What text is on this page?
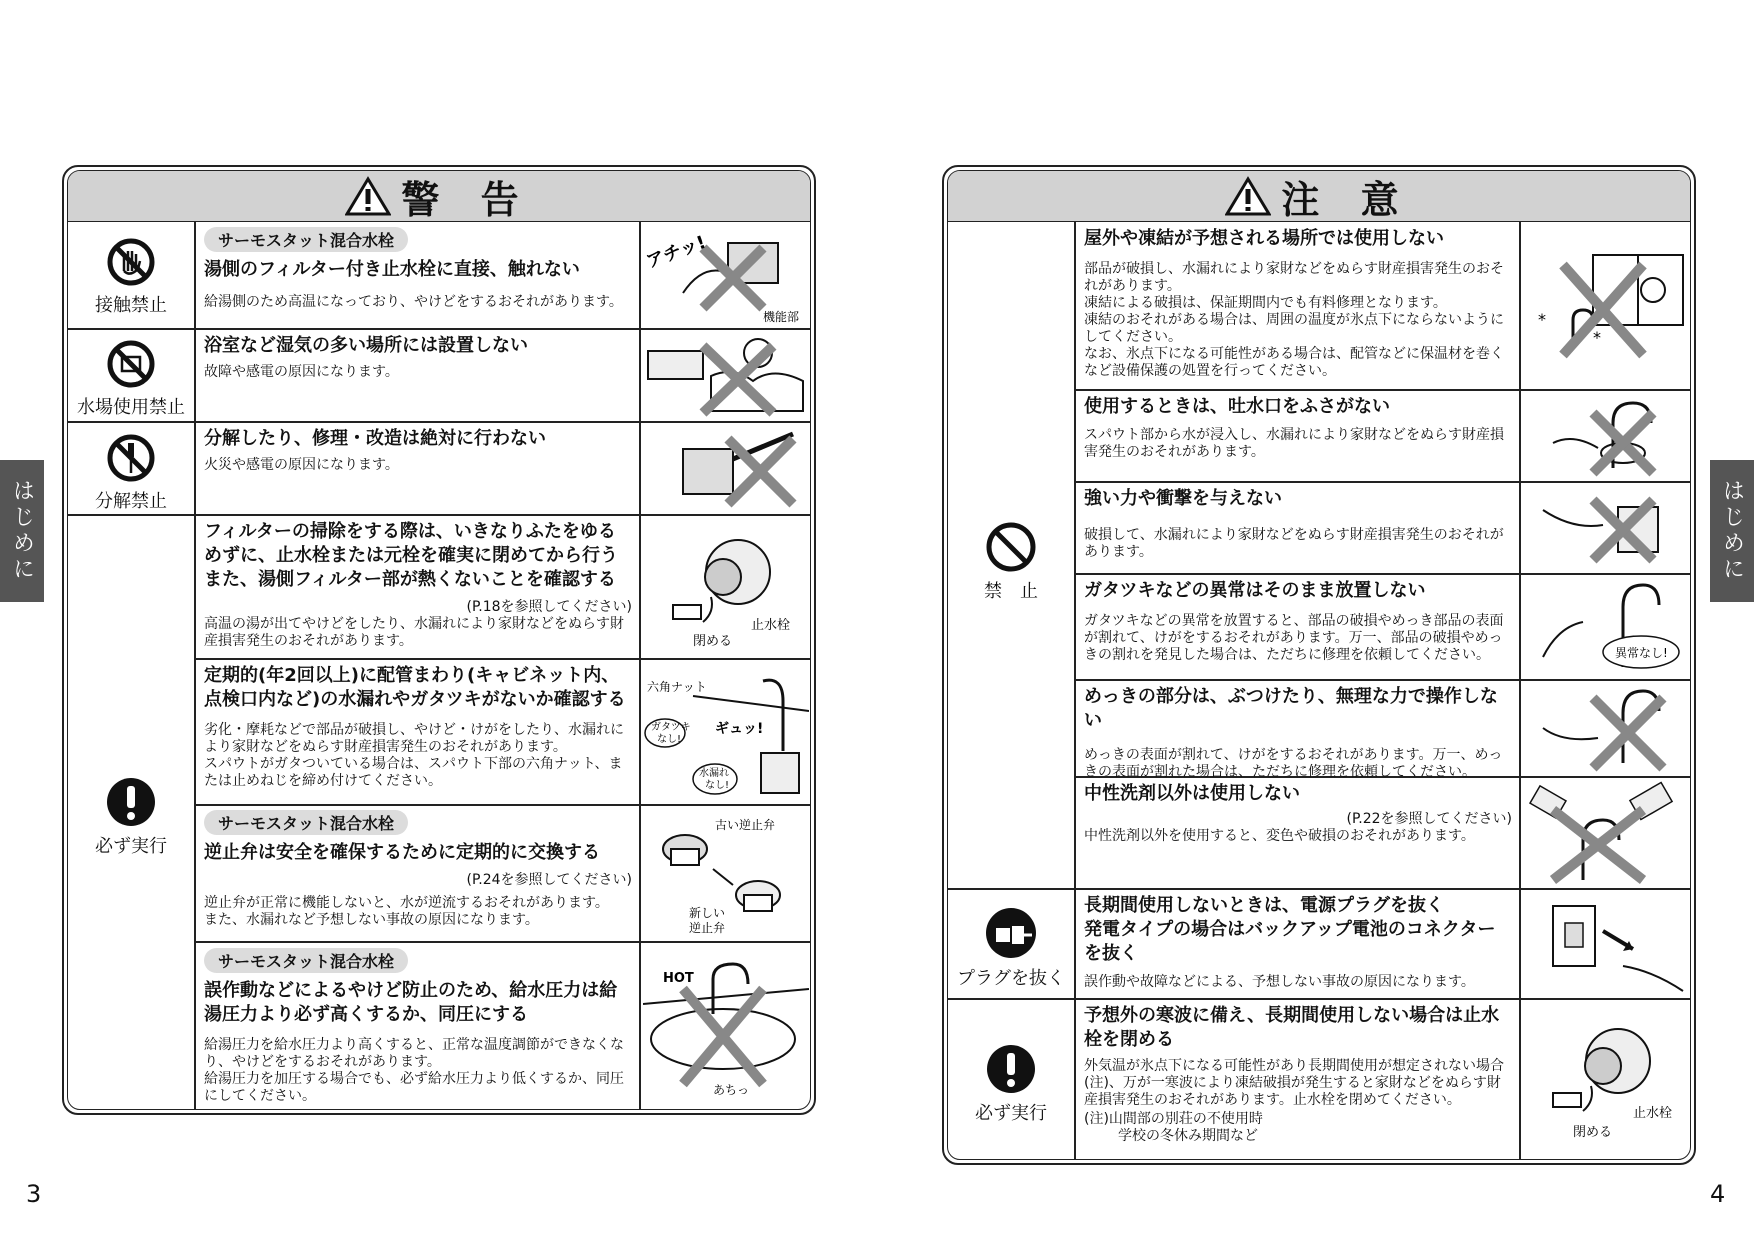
はじめに	はじめに
3	4
警 告
接触禁止
水場使用禁止
分解禁止
必ず実行
サーモスタット混合水栓
湯側のフィルター付き止水栓に直接、触れない
給湯側のため高温になっており、やけどをするおそれがあります。
浴室など湿気の多い場所には設置しない
故障や感電の原因になります。
分解したり、修理・改造は絶対に行わない
火災や感電の原因になります。
フィルターの掃除をする際は、いきなりふたをゆるめずに、止水栓または元栓を確実に閉めてから行う
また、湯側フィルター部が熱くないことを確認する
(P.18を参照してください)
高温の湯が出てやけどをしたり、水漏れにより家財などをぬらす財産損害発生のおそれがあります。
定期的(年2回以上)に配管まわり(キャビネット内、点検口内など)の水漏れやガタツキがないか確認する
劣化・摩耗などで部品が破損し、やけど・けがをしたり、水漏れにより家財などをぬらす財産損害発生のおそれがあります。
スパウトがガタついている場合は、スパウト下部の六角ナット、または止めねじを締め付けてください。
サーモスタット混合水栓
逆止弁は安全を確保するために定期的に交換する
(P.24を参照してください)
逆止弁が正常に機能しないと、水が逆流するおそれがあります。
また、水漏れなど予想しない事故の原因になります。
サーモスタット混合水栓
誤作動などによるやけど防止のため、給水圧力は給湯圧力より必ず高くするか、同圧にする
給湯圧力を給水圧力より高くすると、正常な温度調節ができなくなり、やけどをするおそれがあります。
給湯圧力を加圧する場合でも、必ず給水圧力より低くするか、同圧にしてください。
アチッ!
機能部
閉める
止水栓
六角ナット
ガタツキ
なし!
ギュッ!
水漏れ
なし!
古い逆止弁
新しい
逆止弁
HOT
あちっ
注 意
禁　止
プラグを抜く
必ず実行
屋外や凍結が予想される場所では使用しない
部品が破損し、水漏れにより家財などをぬらす財産損害発生のおそれがあります。
凍結による破損は、保証期間内でも有料修理となります。
凍結のおそれがある場合は、周囲の温度が氷点下にならないようにしてください。
なお、氷点下になる可能性がある場合は、配管などに保温材を巻くなど設備保護の処置を行ってください。
使用するときは、吐水口をふさがない
スパウト部から水が浸入し、水漏れにより家財などをぬらす財産損害発生のおそれがあります。
強い力や衝撃を与えない
破損して、水漏れにより家財などをぬらす財産損害発生のおそれがあります。
ガタツキなどの異常はそのまま放置しない
ガタツキなどの異常を放置すると、部品の破損やめっき部品の表面が割れて、けがをするおそれがあります。万一、部品の破損やめっきの割れを発見した場合は、ただちに修理を依頼してください。
めっきの部分は、ぶつけたり、無理な力で操作しない
めっきの表面が割れて、けがをするおそれがあります。万一、めっきの表面が割れた場合は、ただちに修理を依頼してください。
中性洗剤以外は使用しない
(P.22を参照してください)
中性洗剤以外を使用すると、変色や破損のおそれがあります。
長期間使用しないときは、電源プラグを抜く
発電タイプの場合はバックアップ電池のコネクターを抜く
誤作動や故障などによる、予想しない事故の原因になります。
予想外の寒波に備え、長期間使用しない場合は止水栓を閉める
外気温が氷点下になる可能性があり長期間使用が想定されない場合(注)、万が一寒波により凍結破損が発生すると家財などをぬらす財産損害発生のおそれがあります。止水栓を閉めてください。
(注)山間部の別荘の不使用時
学校の冬休み期間など
*
*
異常なし!
閉める
止水栓
